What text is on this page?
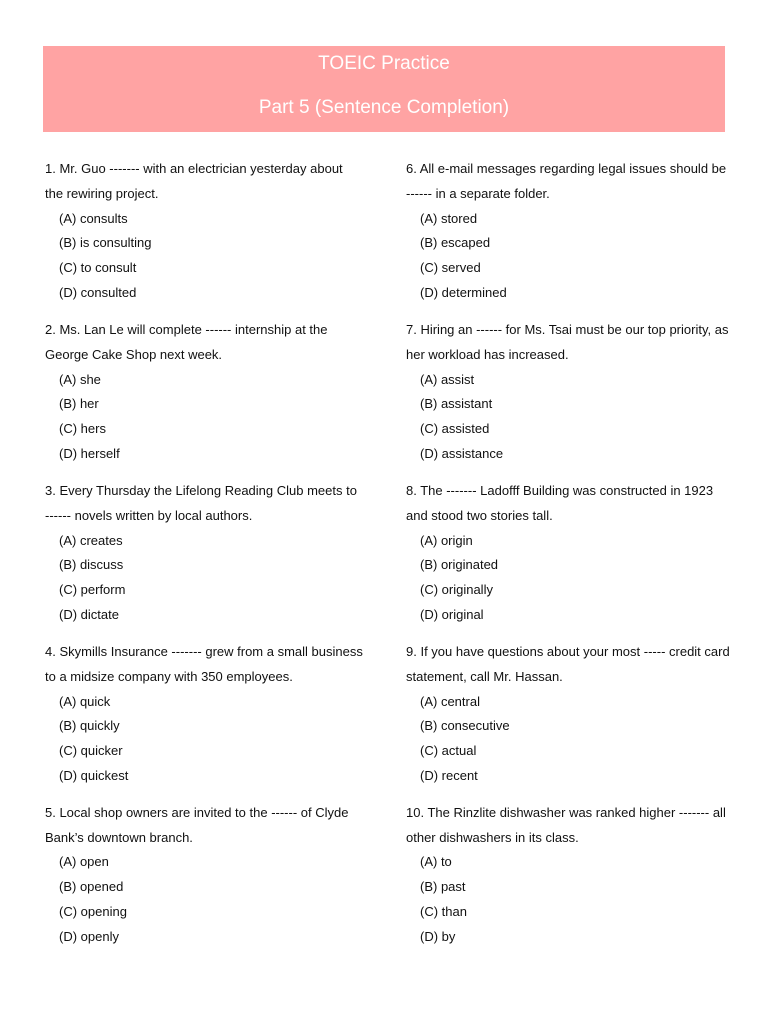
TOEIC Practice
Part 5 (Sentence Completion)

1. Mr. Guo ------- with an electrician yesterday about the rewiring project.

(A) consults
(B) is consulting
(C) to consult
(D) consulted

2. Ms. Lan Le will complete ------ internship at the George Cake Shop next week.

(A) she
(B) her
(C) hers
(D) herself

3. Every Thursday the Lifelong Reading Club meets to ------ novels written by local authors.

(A) creates
(B) discuss
(C) perform
(D) dictate

4. Skymills Insurance ------- grew from a small business to a midsize company with 350 employees.

(A) quick
(B) quickly
(C) quicker
(D) quickest

5. Local shop owners are invited to the ------ of Clyde Bank’s downtown branch.

(A) open
(B) opened
(C) opening
(D) openly

6. All e-mail messages regarding legal issues should be ------ in a separate folder.

(A) stored
(B) escaped
(C) served
(D) determined

7. Hiring an ------ for Ms. Tsai must be our top priority, as her workload has increased.

(A) assist
(B) assistant
(C) assisted
(D) assistance

8. The ------- Ladofff Building was constructed in 1923 and stood two stories tall.

(A) origin
(B) originated
(C) originally
(D) original

9. If you have questions about your most ----- credit card statement, call Mr. Hassan.

(A) central
(B) consecutive
(C) actual
(D) recent

10. The Rinzlite dishwasher was ranked higher ------- all other dishwashers in its class.

(A) to
(B) past
(C) than
(D) by
